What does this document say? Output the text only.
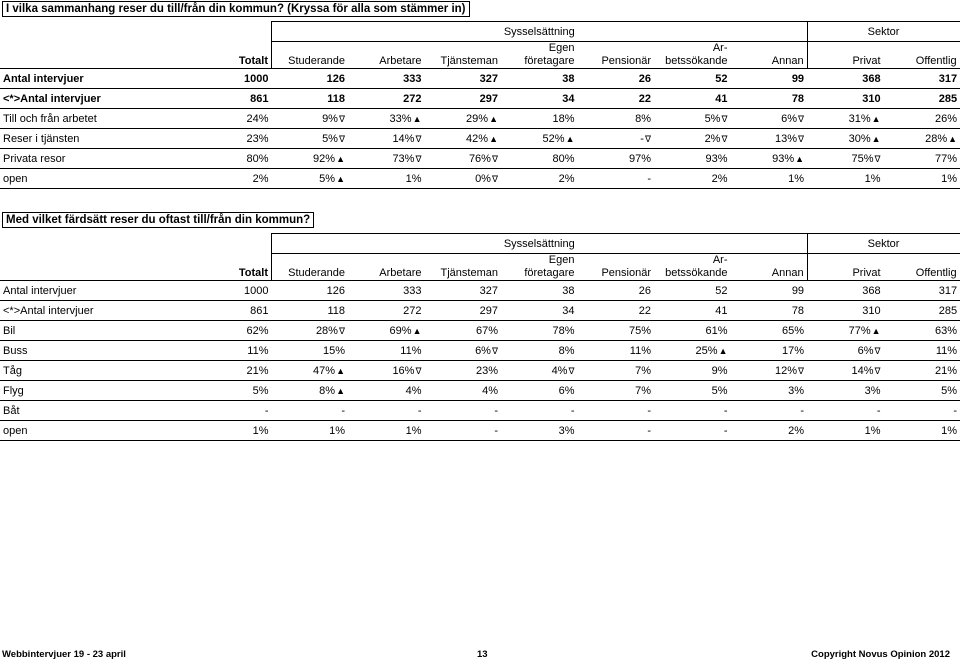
I vilka sammanhang reser du till/från din kommun? (Kryssa för alla som stämmer in)
		Sysselsättning							Sektor	
	Totalt	Studerande	Arbetare	Tjänsteman	Egen
företagare	Pensionär	Ar-
betssökande	Annan	Privat	Offentlig
Antal intervjuer	1000	126	333	327	38	26	52	99	368	317
<*>Antal intervjuer	861	118	272	297	34	22	41	78	310	285
Till och från arbetet	24%	9%∇	33%▲	29%▲	18%	8%	5%∇	6%∇	31%▲	26%
Reser i tjänsten	23%	5%∇	14%∇	42%▲	52%▲	-∇	2%∇	13%∇	30%▲	28%▲
Privata resor	80%	92%▲	73%∇	76%∇	80%	97%	93%	93%▲	75%∇	77%
open	2%	5%▲	1%	0%∇	2%	-	2%	1%	1%	1%
Med vilket färdsätt reser du oftast till/från din kommun?
		Sysselsättning							Sektor	
	Totalt	Studerande	Arbetare	Tjänsteman	Egen
företagare	Pensionär	Ar-
betssökande	Annan	Privat	Offentlig
Antal intervjuer	1000	126	333	327	38	26	52	99	368	317
<*>Antal intervjuer	861	118	272	297	34	22	41	78	310	285
Bil	62%	28%∇	69%▲	67%	78%	75%	61%	65%	77%▲	63%
Buss	11%	15%	11%	6%∇	8%	11%	25%▲	17%	6%∇	11%
Tåg	21%	47%▲	16%∇	23%	4%∇	7%	9%	12%∇	14%∇	21%
Flyg	5%	8%▲	4%	4%	6%	7%	5%	3%	3%	5%
Båt	-	-	-	-	-	-	-	-	-	-
open	1%	1%	1%	-	3%	-	-	2%	1%	1%
Webbintervjuer 19 - 23 april	13	Copyright Novus Opinion 2012
